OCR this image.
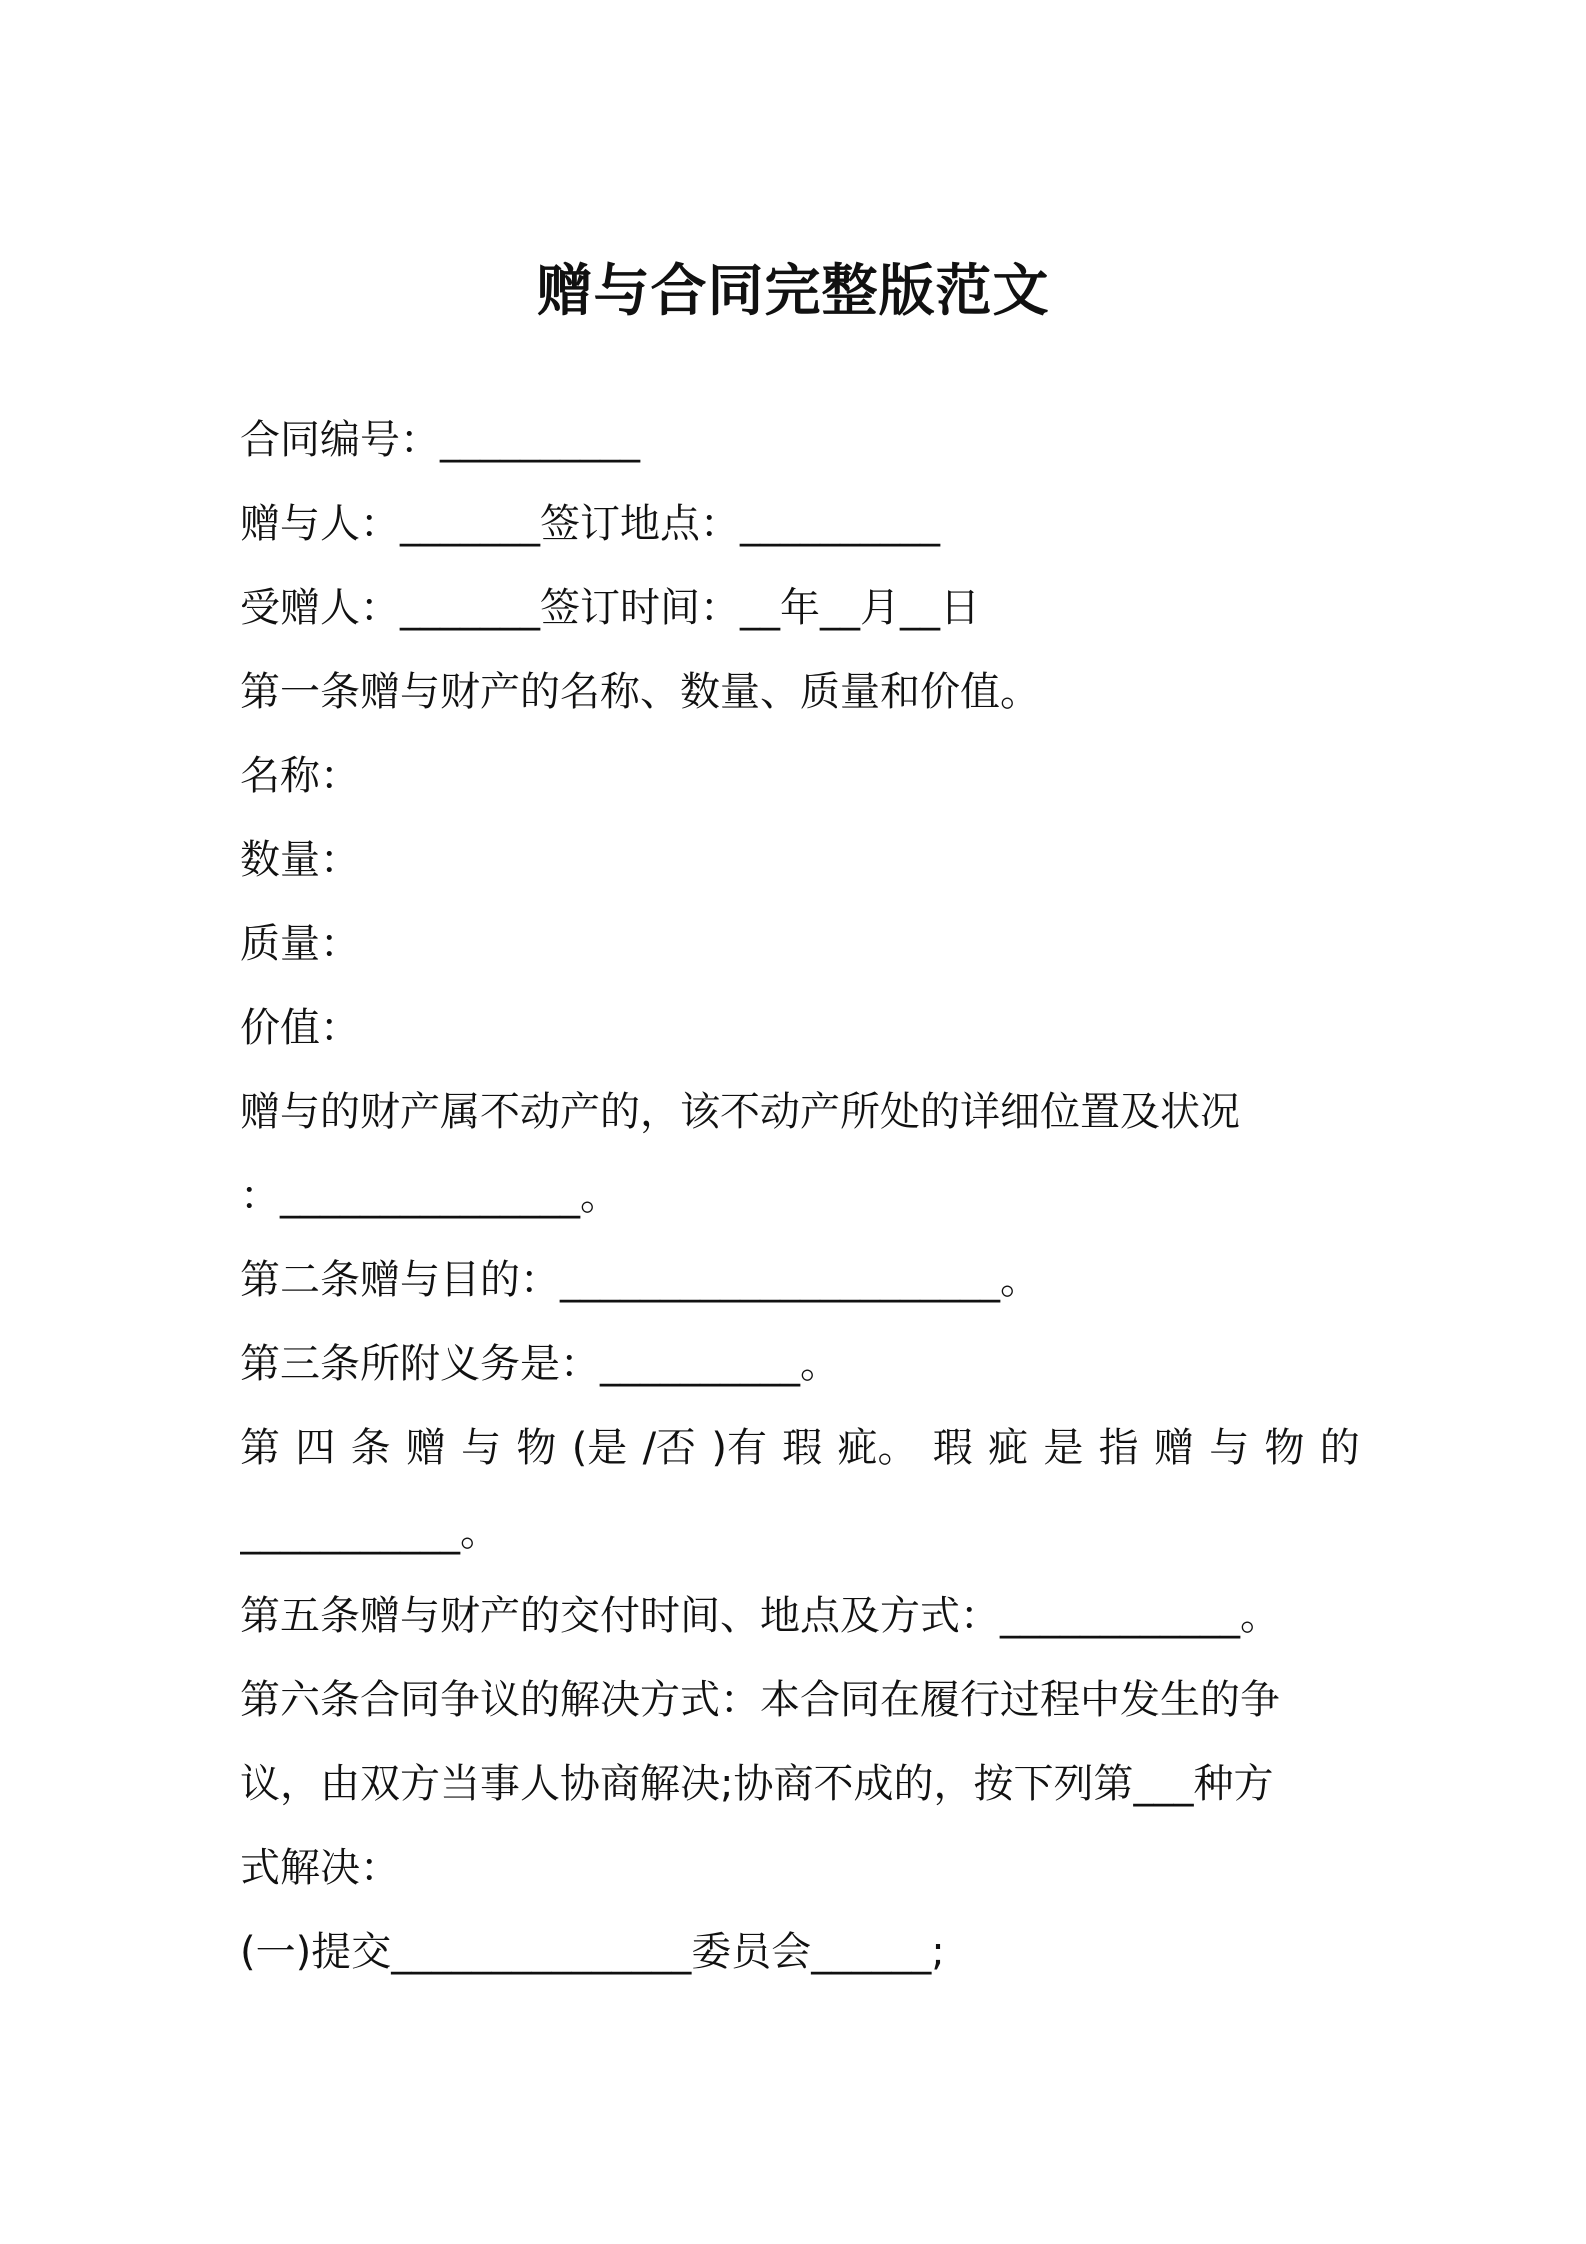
赠与合同完整版范文
合同编号：__________
赠与人：_______签订地点：__________
受赠人：_______签订时间：__年__月__日
第一条赠与财产的名称、数量、质量和价值。
名称：
数量：
质量：
价值：
赠与的财产属不动产的，该不动产所处的详细位置及状况
：_______________。
第二条赠与目的：______________________。
第三条所附义务是：__________。
第 四 条 赠 与 物 (是 /否 )有 瑕 疵。 瑕 疵 是 指 赠 与 物 的
___________。
第五条赠与财产的交付时间、地点及方式：____________。
第六条合同争议的解决方式：本合同在履行过程中发生的争
议，由双方当事人协商解决;协商不成的，按下列第___种方
式解决：
(一)提交_______________委员会______;
